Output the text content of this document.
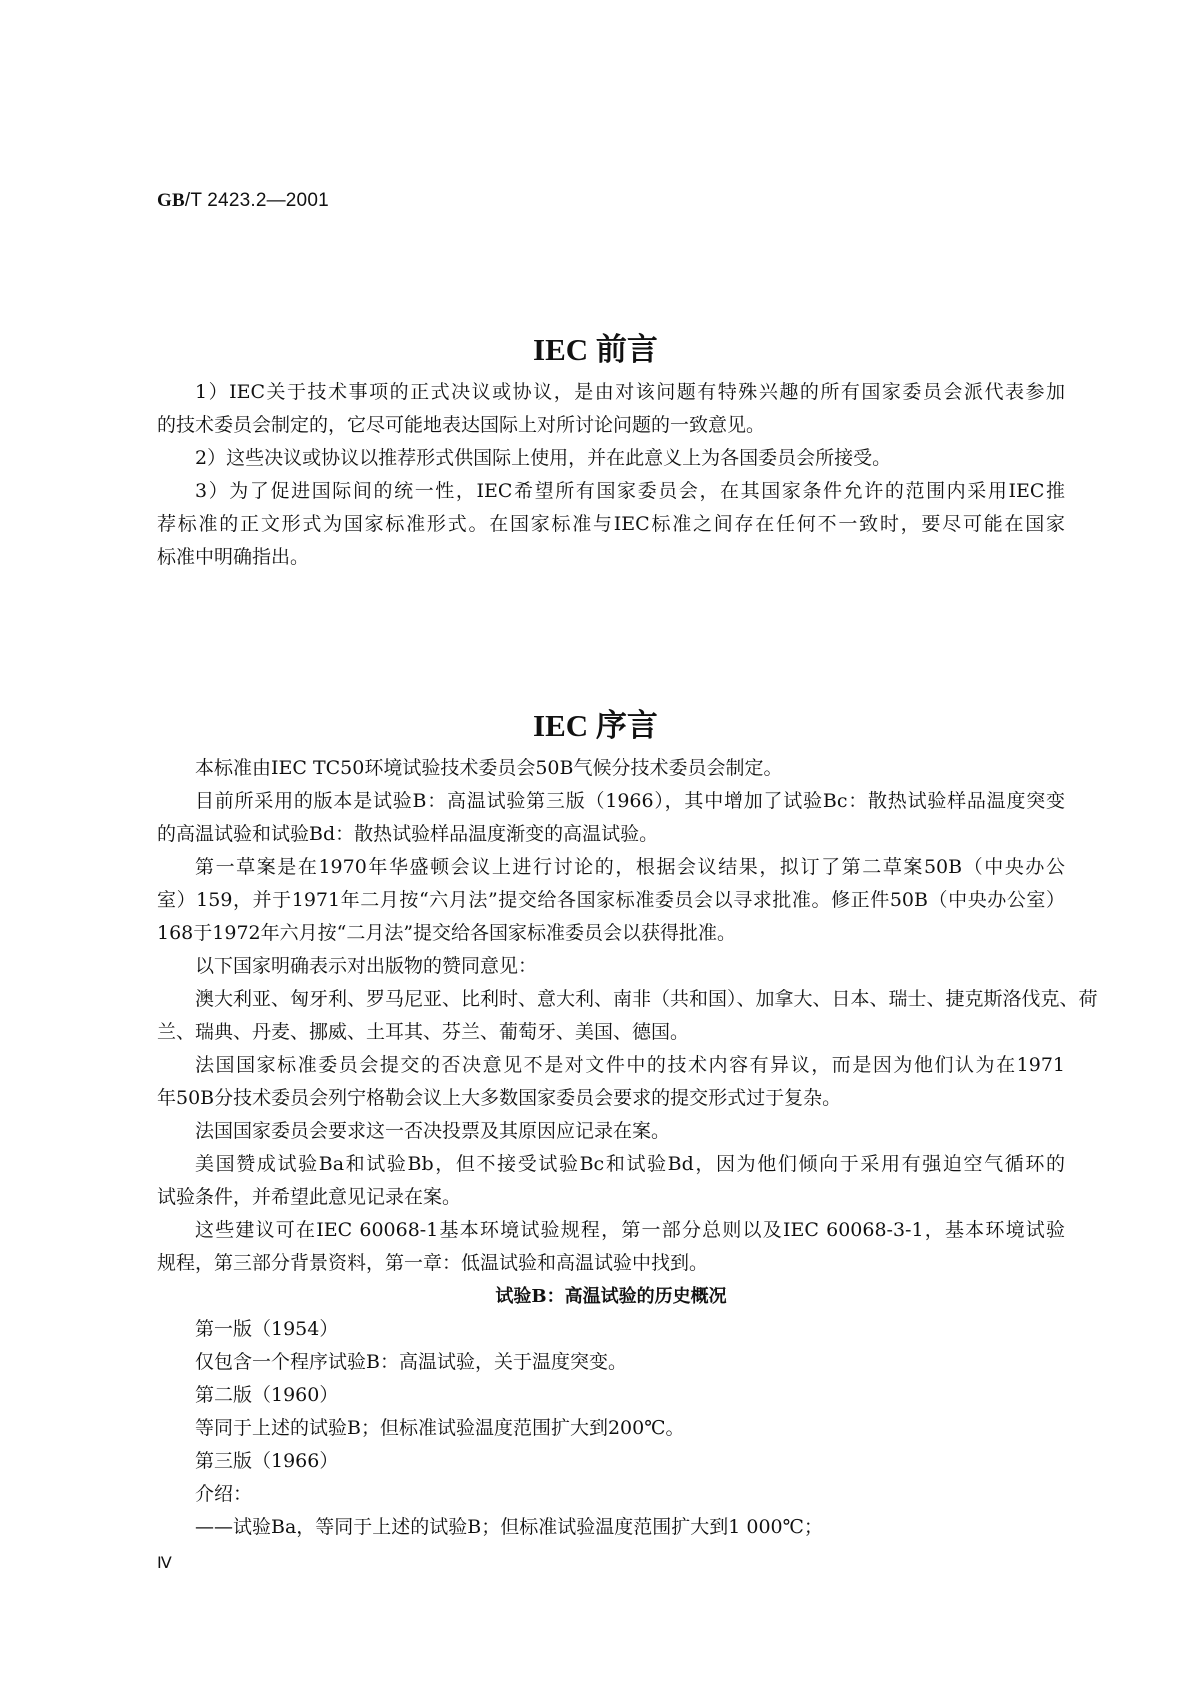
GB/T 2423.2—2001
IEC 前言
1）IEC关于技术事项的正式决议或协议，是由对该问题有特殊兴趣的所有国家委员会派代表参加
的技术委员会制定的，它尽可能地表达国际上对所讨论问题的一致意见。
2）这些决议或协议以推荐形式供国际上使用，并在此意义上为各国委员会所接受。
3）为了促进国际间的统一性，IEC希望所有国家委员会，在其国家条件允许的范围内采用IEC推
荐标准的正文形式为国家标准形式。在国家标准与IEC标准之间存在任何不一致时，要尽可能在国家
标准中明确指出。
IEC 序言
本标准由IEC TC50环境试验技术委员会50B气候分技术委员会制定。
目前所采用的版本是试验B：高温试验第三版（1966），其中增加了试验Bc：散热试验样品温度突变
的高温试验和试验Bd：散热试验样品温度渐变的高温试验。
第一草案是在1970年华盛顿会议上进行讨论的，根据会议结果，拟订了第二草案50B（中央办公
室）159，并于1971年二月按“六月法”提交给各国家标准委员会以寻求批准。修正件50B（中央办公室）
168于1972年六月按“二月法”提交给各国家标准委员会以获得批准。
以下国家明确表示对出版物的赞同意见：
澳大利亚、匈牙利、罗马尼亚、比利时、意大利、南非（共和国）、加拿大、日本、瑞士、捷克斯洛伐克、荷
兰、瑞典、丹麦、挪威、土耳其、芬兰、葡萄牙、美国、德国。
法国国家标准委员会提交的否决意见不是对文件中的技术内容有异议，而是因为他们认为在1971
年50B分技术委员会列宁格勒会议上大多数国家委员会要求的提交形式过于复杂。
法国国家委员会要求这一否决投票及其原因应记录在案。
美国赞成试验Ba和试验Bb，但不接受试验Bc和试验Bd，因为他们倾向于采用有强迫空气循环的
试验条件，并希望此意见记录在案。
这些建议可在IEC 60068-1基本环境试验规程，第一部分总则以及IEC 60068-3-1，基本环境试验
规程，第三部分背景资料，第一章：低温试验和高温试验中找到。
试验B：高温试验的历史概况
第一版（1954）
仅包含一个程序试验B：高温试验，关于温度突变。
第二版（1960）
等同于上述的试验B；但标准试验温度范围扩大到200℃。
第三版（1966）
介绍：
——试验Ba，等同于上述的试验B；但标准试验温度范围扩大到1 000℃；
Ⅳ
